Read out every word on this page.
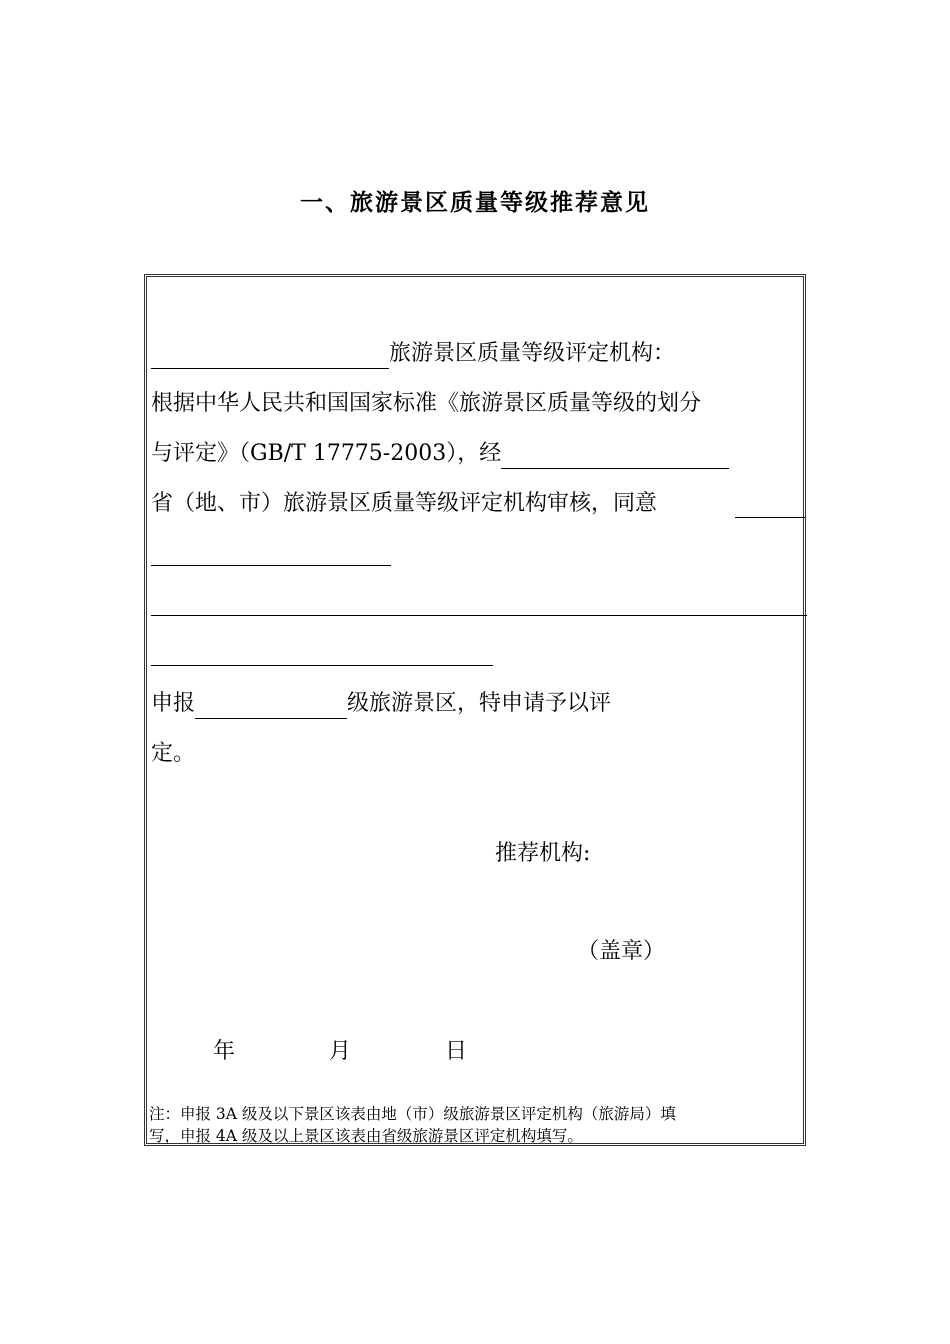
一、旅游景区质量等级推荐意见
旅游景区质量等级评定机构：
根据中华人民共和国国家标准《旅游景区质量等级的划分
与评定》（GB/T 17775-2003），经
省（地、市）旅游景区质量等级评定机构审核，同意
申报	级旅游景区，特申请予以评
定。
推荐机构:
（盖章）
年	月	日
注：申报 3A 级及以下景区该表由地（市）级旅游景区评定机构（旅游局）填
写，申报 4A 级及以上景区该表由省级旅游景区评定机构填写。
